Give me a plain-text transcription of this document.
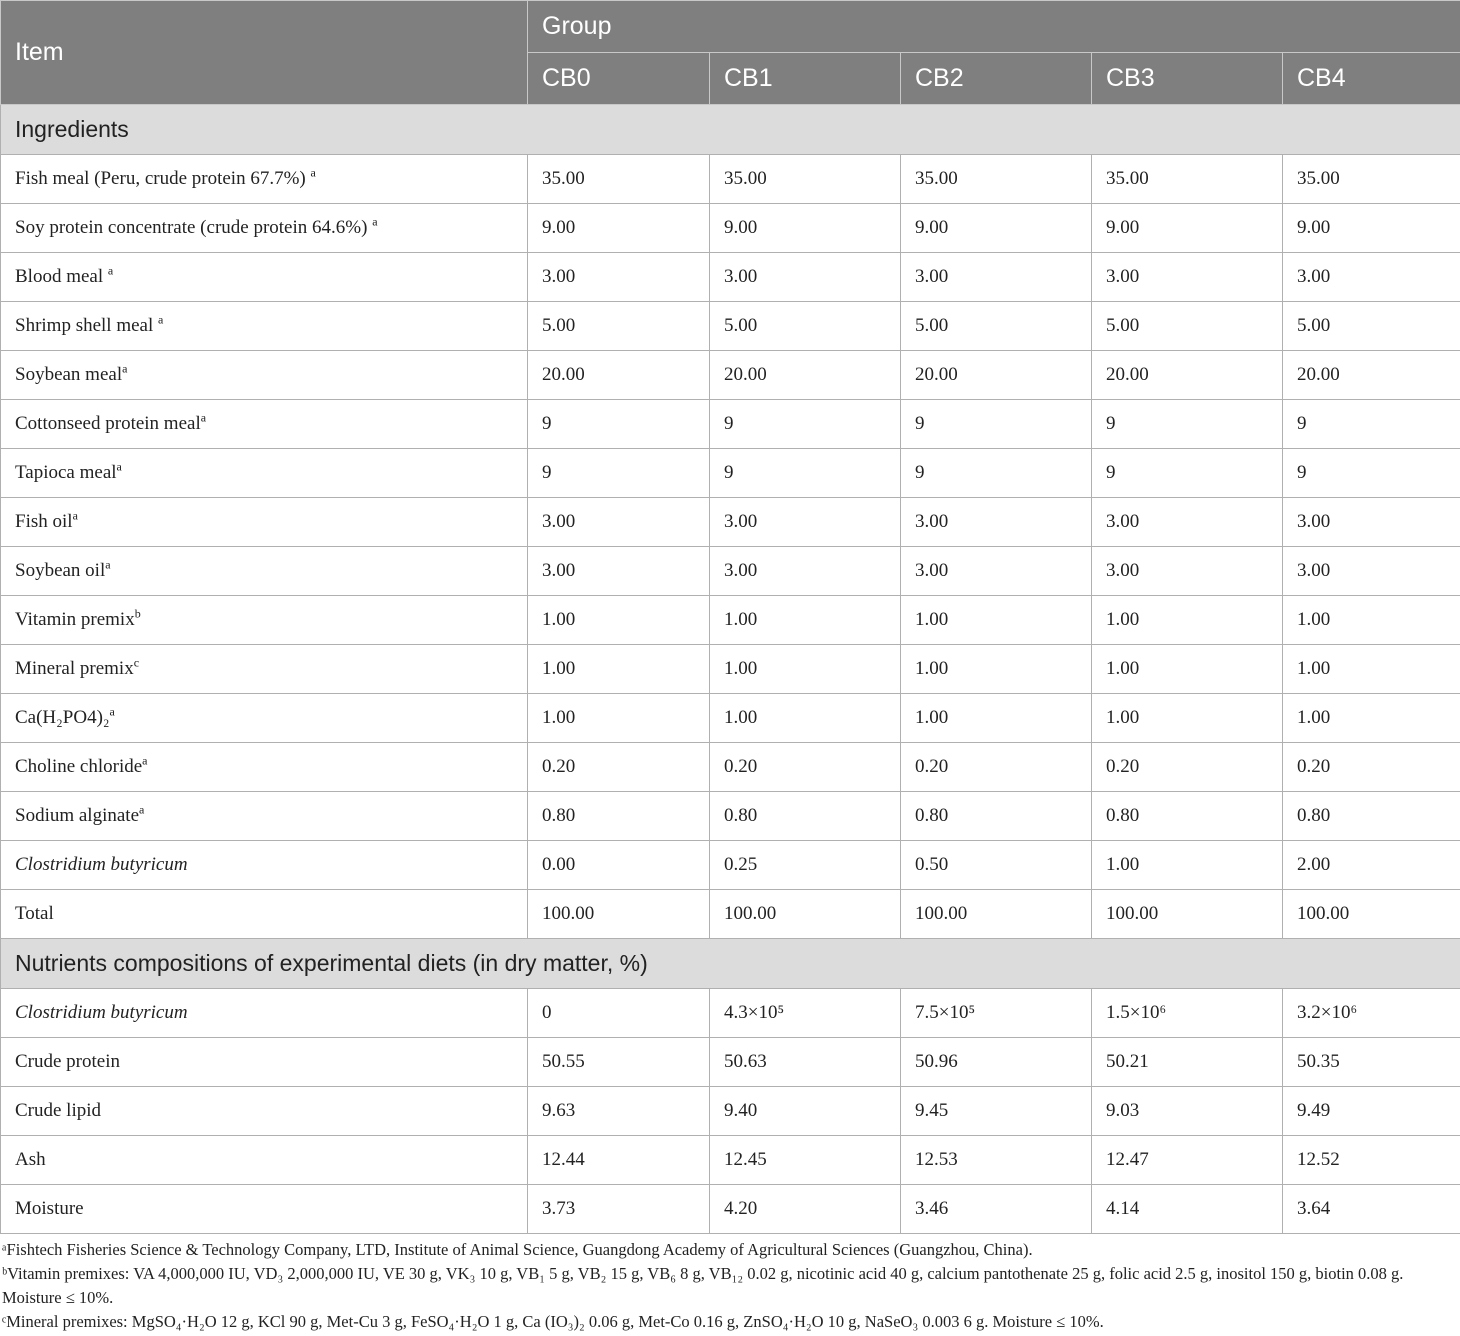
Item	Group				
	CB0	CB1	CB2	CB3	CB4
Ingredients					
Fish meal (Peru, crude protein 67.7%) $^a$	35.00	35.00	35.00	35.00	35.00
Soy protein concentrate (crude protein 64.6%) $^a$	9.00	9.00	9.00	9.00	9.00
Blood meal $^a$	3.00	3.00	3.00	3.00	3.00
Shrimp shell meal $^a$	5.00	5.00	5.00	5.00	5.00
Soybean meal$^a$	20.00	20.00	20.00	20.00	20.00
Cottonseed protein meal$^a$	9	9	9	9	9
Tapioca meal$^a$	9	9	9	9	9
Fish oil$^a$	3.00	3.00	3.00	3.00	3.00
Soybean oil$^a$	3.00	3.00	3.00	3.00	3.00
Vitamin premix$^b$	1.00	1.00	1.00	1.00	1.00
Mineral premix$^c$	1.00	1.00	1.00	1.00	1.00
Ca(H₂PO4)₂$^a$	1.00	1.00	1.00	1.00	1.00
Choline chloride$^a$	0.20	0.20	0.20	0.20	0.20
Sodium alginate$^a$	0.80	0.80	0.80	0.80	0.80
Clostridium butyricum	0.00	0.25	0.50	1.00	2.00
Total	100.00	100.00	100.00	100.00	100.00
Nutrients compositions of experimental diets (in dry matter, %)					
Clostridium butyricum	0	4.3×10⁵	7.5×10⁵	1.5×10⁶	3.2×10⁶
Crude protein	50.55	50.63	50.96	50.21	50.35
Crude lipid	9.63	9.40	9.45	9.03	9.49
Ash	12.44	12.45	12.53	12.47	12.52
Moisture	3.73	4.20	3.46	4.14	3.64

ᵃFishtech Fisheries Science & Technology Company, LTD, Institute of Animal Science, Guangdong Academy of Agricultural Sciences (Guangzhou, China).

ᵇVitamin premixes: VA 4,000,000 IU, VD₃ 2,000,000 IU, VE 30 g, VK₃ 10 g, VB₁ 5 g, VB₂ 15 g, VB₆ 8 g, VB₁₂ 0.02 g, nicotinic acid 40 g, calcium pantothenate 25 g, folic acid 2.5 g, inositol 150 g, biotin 0.08 g. Moisture ≤ 10%.

ᶜMineral premixes: MgSO₄·H₂O 12 g, KCl 90 g, Met-Cu 3 g, FeSO₄·H₂O 1 g, Ca (IO₃)₂ 0.06 g, Met-Co 0.16 g, ZnSO₄·H₂O 10 g, NaSeO₃ 0.003 6 g. Moisture ≤ 10%.
